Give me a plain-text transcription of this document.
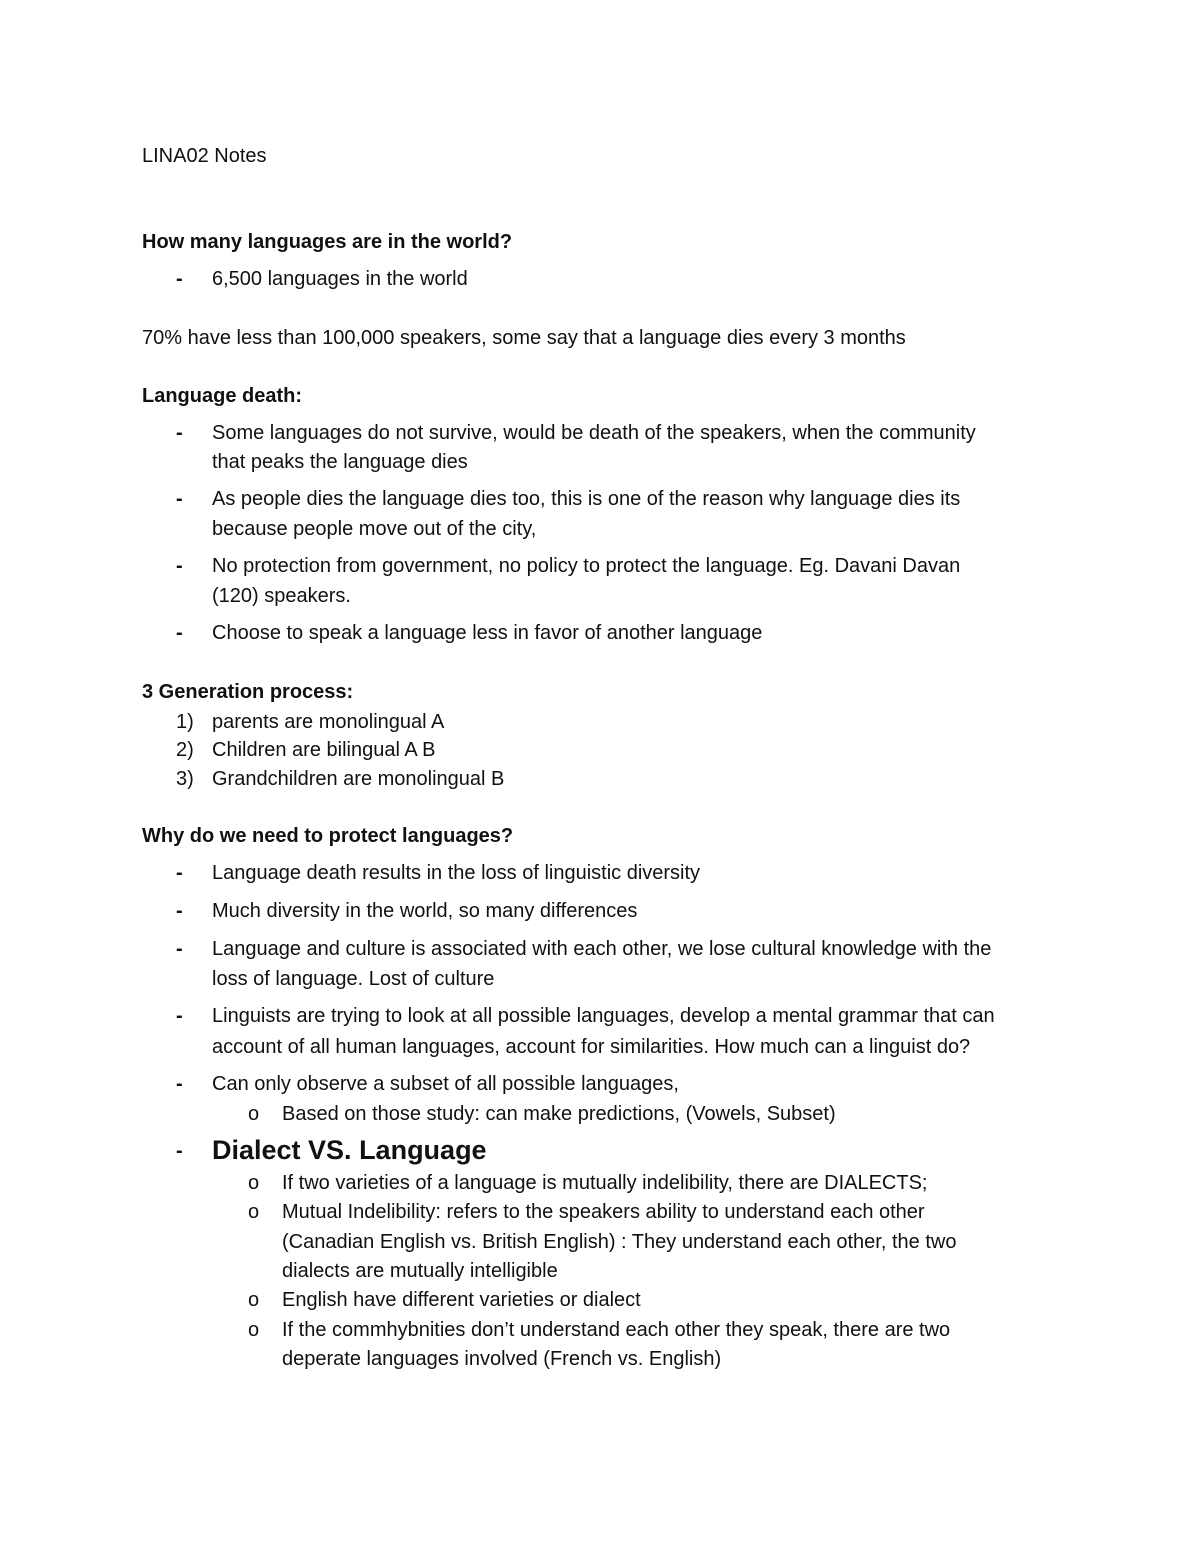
LINA02 Notes
How many languages are in the world?
- 6,500 languages in the world
70% have less than 100,000 speakers, some say that a language dies every 3 months
Language death:
- Some languages do not survive, would be death of the speakers, when the community
that peaks the language dies
- As people dies the language dies too, this is one of the reason why language dies its
because people move out of the city,
- No protection from government, no policy to protect the language. Eg. Davani Davan
(120) speakers.
- Choose to speak a language less in favor of another language
3 Generation process:
1) parents are monolingual A
2) Children are bilingual A B
3) Grandchildren are monolingual B
Why do we need to protect languages?
- Language death results in the loss of linguistic diversity
- Much diversity in the world, so many differences
- Language and culture is associated with each other, we lose cultural knowledge with the
loss of language. Lost of culture
- Linguists are trying to look at all possible languages, develop a mental grammar that can
account of all human languages, account for similarities. How much can a linguist do?
- Can only observe a subset of all possible languages,
o Based on those study: can make predictions, (Vowels, Subset)
- Dialect VS. Language
o If two varieties of a language is mutually indelibility, there are DIALECTS;
o Mutual Indelibility: refers to the speakers ability to understand each other
(Canadian English vs. British English) : They understand each other, the two
dialects are mutually intelligible
o English have different varieties or dialect
o If the commhybnities don’t understand each other they speak, there are two
deperate languages involved (French vs. English)
